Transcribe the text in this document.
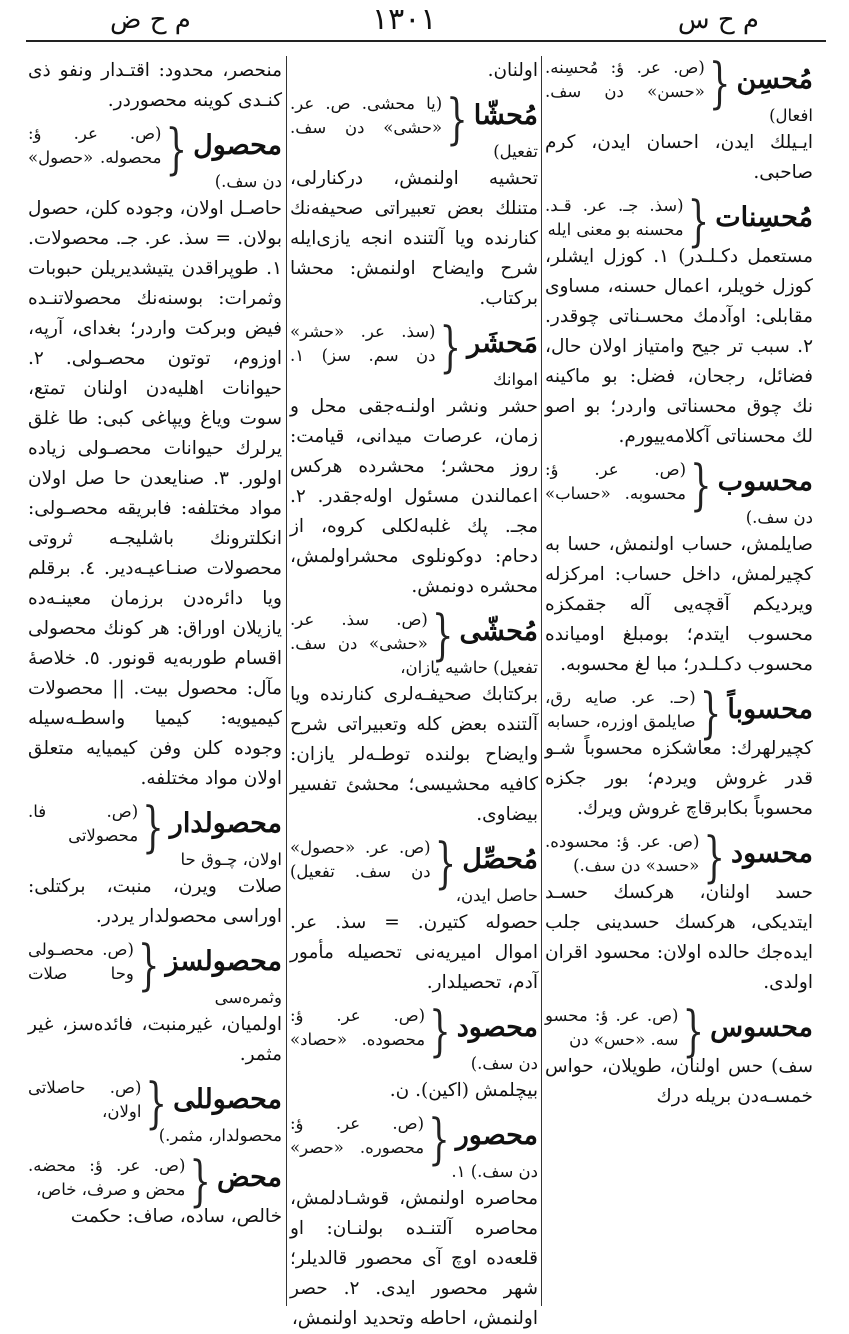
م ح ض	١٣٠١	م ح س
مُحسِن
{
(ص. عر. ؤ: مُحسِنه. «حسن» دن سف. افعال)
ايـيلك ايدن، احسان ايدن، كرم صاحبى.
مُحسِنات
{
(سذ. جـ. عر. قـد. محسنه بو معنى ايله
مستعمل دكـلـدر) ١. كوزل ايشلر، كوزل خويلر، اعمال حسنه، مساوى مقابلى: اوآدمك محسـناتى چوقدر. ٢. سبب تر جيح وامتياز اولان حال، فضائل، رجحان، فضل: بو ماكينه نك چوق محسناتى واردر؛ بو اصو لك محسناتى آكلامه‌ييورم.
محسوب
{
(ص. عر. ؤ: محسوبه. «حساب» دن سف.)
صايلمش، حساب اولنمش، حسا به كچيرلمش، داخل حساب: امرکزله ويرديكم آقچه‌يى آله جقمكزه محسوب ايتدم؛ بومبلغ اوميانده محسوب دكـلـدر؛ مبا لغ محسوبه.
محسوباً
{
(حـ. عر. صايه رق، صايلمق اوزره، حسابه
كچيرلهرك: معاشكزه محسوباً شـو قدر غروش ويردم؛ بور جكزه محسوباً بكابرقاچ غروش ويرك.
محسود
{
(ص. عر. ؤ: محسوده. «حسد» دن سف.)
حسد اولنان، هركسك حسـد ايتديكى، هركسك حسدينى جلب ايده‌جك حالده اولان: محسود اقران اولدى.
محسوس
{
(ص. عر. ؤ: محسو سه. «حس» دن
سف) حس اولنان، طويلان، حواس خمسـه‌دن بريله درك
اولنان.
مُحشّا
{
(يا محشى. ص. عر. «حشى» دن سف. تفعيل)
تحشيه اولنمش، دركنارلى، متنلك بعض تعبيراتى صحيفه‌نك كنارنده ويا آلتنده انجه يازى‌ايله شرح وايضاح اولنمش: محشا بركتاب.
مَحشَر
{
(سذ. عر. «حشر» دن سم. سز) ١. اموانك
حشر ونشر اولنـه‌جقى محل و زمان، عرصات ميدانى، قيامت: روز محشر؛ محشرده هركس اعمالندن مسئول اوله‌جقدر. ٢. مجـ. پك غلبه‌لكلى كروه، از دحام: دوكونلوى محشراولمش، محشره دونمش.
مُحشّى
{
(ص. سذ. عر. «حشى» دن سف. تفعيل) حاشيه يازان،
بركتابك صحيفـه‌لرى كنارنده ويا آلتنده بعض كله وتعبيراتى شرح وايضاح بولنده توطـه‌لر يازان: كافيه محشيسى؛ محشئ تفسير بيضاوى.
مُحصِّل
{
(ص. عر. «حصول» دن سف. تفعيل) حاصل ايدن،
حصوله كتيرن. = سذ. عر. اموال اميريه‌نى تحصيله مأمور آدم، تحصيلدار.
محصود
{
(ص. عر. ؤ: محصوده. «حصاد» دن سف.)
بيچلمش (اكين). ن.
محصور
{
(ص. عر. ؤ: محصوره. «حصر» دن سف.) ١.
محاصره اولنمش، قوشـادلمش، محاصره آلتنـده بولنـان: او قلعه‌ده اوچ آى محصور قالديلر؛ شهر محصور ايدى. ٢. حصر اولنمش، احاطه وتحديد اولنمش،
منحصر، محدود: اقتـدار ونفو ذى كنـدى كوينه محصوردر.
محصول
{
(ص. عر. ؤ: محصوله. «حصول» دن سف.)
حاصـل اولان، وجوده كلن، حصول بولان. = سذ. عر. جـ. محصولات. ١. طوپراقدن يتيشديريلن حبوبات وثمرات: بوسنه‌نك محصولاتنـده فيض وبركت واردر؛ بغداى، آرپه، اوزوم، توتون محصـولى. ٢. حيوانات اهليه‌دن اولنان تمتع، سوت وياغ ويپاغى كبى: طا غلق يرلرك حيوانات محصـولى زياده اولور. ٣. صنايعدن حا صل اولان مواد مختلفه: فابريقه محصـولى: انكلترونك باشليجـه ثروتى محصولات صنـاعيـه‌دير. ٤. برقلم ويا دائره‌دن برزمان معينـه‌ده يازيلان اوراق: هر كونك محصولى اقسام طوربه‌يه قونور. ٥. خلاصهٔ مآل: محصول بيت. || محصولات كيميويه: كيميا واسطـه‌سيله وجوده كلن وفن كيميايه متعلق اولان مواد مختلفه.
محصولدار
{
(ص. فا. محصولاتى اولان، چـوق حا
صلات ويرن، منبت، بركتلى: اوراسى محصولدار يردر.
محصولسز
{
(ص. محصـولى وحا صلات وثمره‌سى
اولميان، غيرمنبت، فائده‌سز، غير مثمر.
محصوللى
{
(ص. حاصلاتى اولان، محصولدار، مثمر.)
محض
{
(ص. عر. ؤ: محضه. محض و صرف، خاص،
خالص، ساده، صاف: حكمت
